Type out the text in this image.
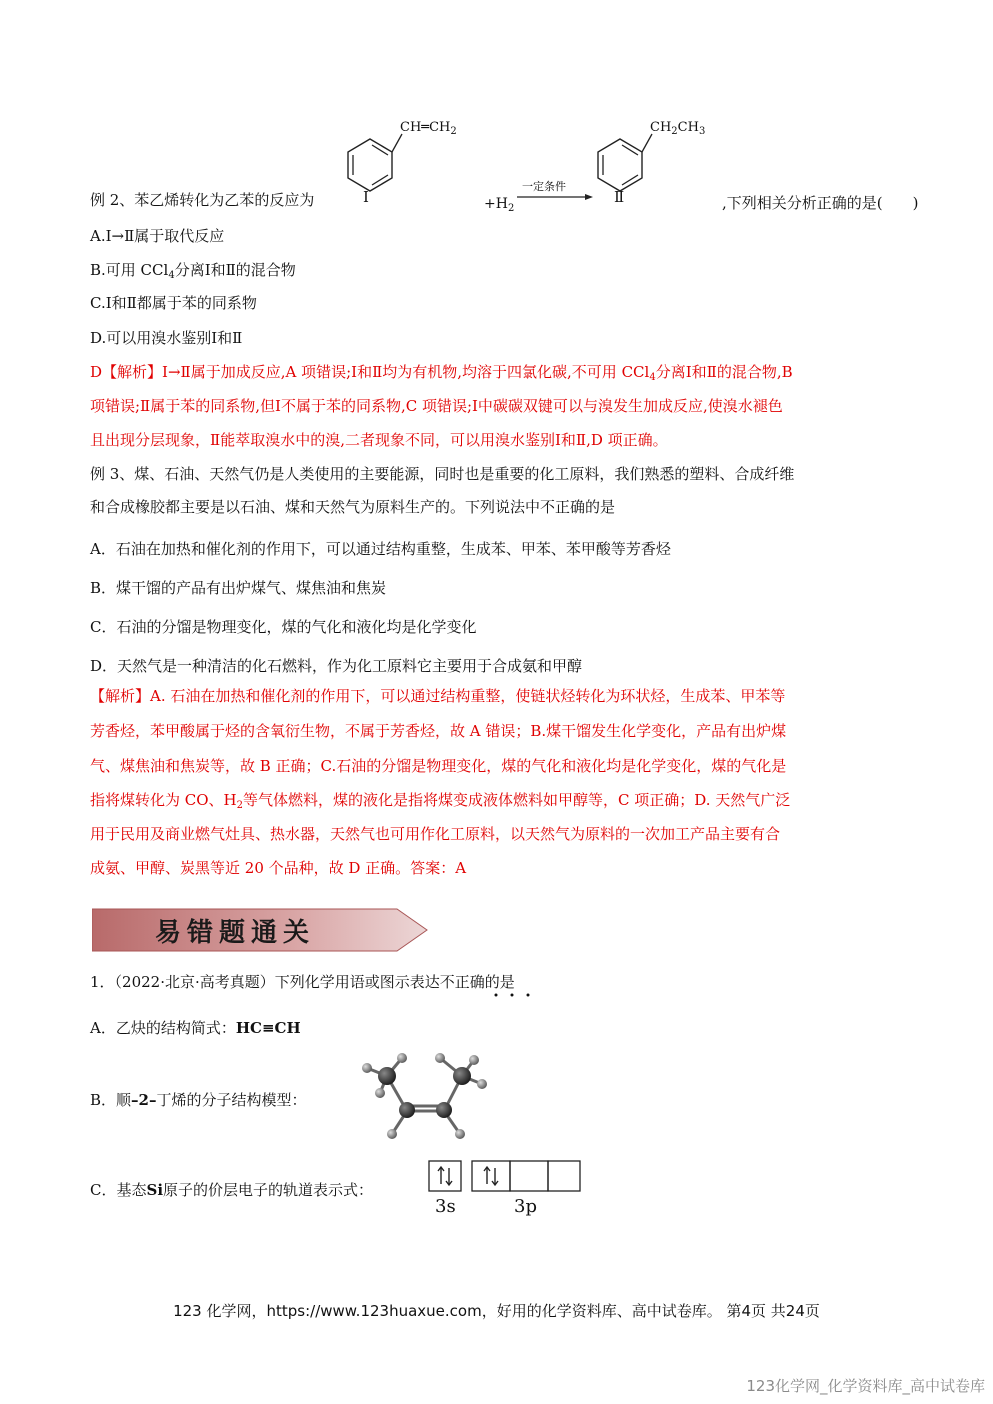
$CH═CH_2$	$CH_2CH_3$
例 2、苯乙烯转化为乙苯的反应为	Ⅰ	$+H_2$
一定条件
Ⅱ	,下列相关分析正确的是(　　)
A.Ⅰ→Ⅱ属于取代反应
B.可用 CCl$_4$分离Ⅰ和Ⅱ的混合物
C.Ⅰ和Ⅱ都属于苯的同系物
D.可以用溴水鉴别Ⅰ和Ⅱ
D【解析】Ⅰ→Ⅱ属于加成反应,A 项错误;Ⅰ和Ⅱ均为有机物,均溶于四氯化碳,不可用 CCl$_4$分离Ⅰ和Ⅱ的混合物,B
项错误;Ⅱ属于苯的同系物,但Ⅰ不属于苯的同系物,C 项错误;Ⅰ中碳碳双键可以与溴发生加成反应,使溴水褪色
且出现分层现象，Ⅱ能萃取溴水中的溴,二者现象不同，可以用溴水鉴别Ⅰ和Ⅱ,D 项正确。
例 3、煤、石油、天然气仍是人类使用的主要能源，同时也是重要的化工原料，我们熟悉的塑料、合成纤维
和合成橡胶都主要是以石油、煤和天然气为原料生产的。下列说法中不正确的是
A．石油在加热和催化剂的作用下，可以通过结构重整，生成苯、甲苯、苯甲酸等芳香烃
B．煤干馏的产品有出炉煤气、煤焦油和焦炭
C．石油的分馏是物理变化，煤的气化和液化均是化学变化
D．天然气是一种清洁的化石燃料，作为化工原料它主要用于合成氨和甲醇
【解析】A. 石油在加热和催化剂的作用下，可以通过结构重整，使链状烃转化为环状烃，生成苯、甲苯等
芳香烃，苯甲酸属于烃的含氧衍生物，不属于芳香烃，故 A 错误；B.煤干馏发生化学变化，产品有出炉煤
气、煤焦油和焦炭等，故 B 正确；C.石油的分馏是物理变化，煤的气化和液化均是化学变化，煤的气化是
指将煤转化为 CO、$H_2$等气体燃料，煤的液化是指将煤变成液体燃料如甲醇等，C 项正确；D. 天然气广泛
用于民用及商业燃气灶具、热水器，天然气也可用作化工原料，以天然气为原料的一次加工产品主要有合
成氨、甲醇、炭黑等近 20 个品种，故 D 正确。答案：A
易错题通关
1．（2022·北京·高考真题）下列化学用语或图示表达不正确的是
A．乙炔的结构简式：HC≡CH
B．顺–2–丁烯的分子结构模型：
C．基态Si原子的价层电子的轨道表示式：
3s	3p
123 化学网，https://www.123huaxue.com，好用的化学资料库、高中试卷库。 第4页 共24页
123化学网_化学资料库_高中试卷库
